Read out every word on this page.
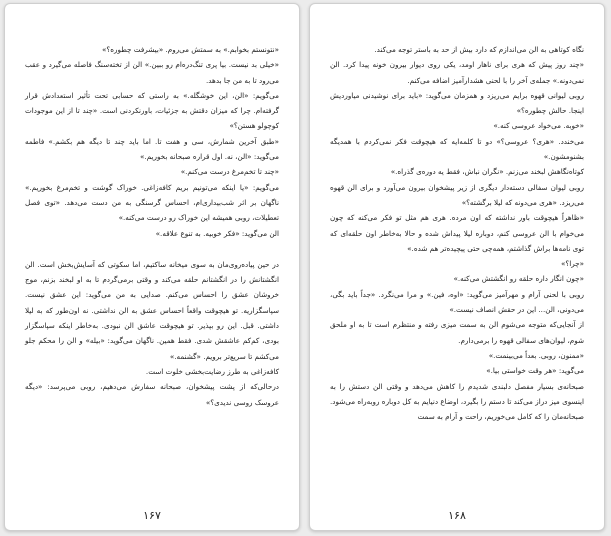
«نتونستم بخوابم.» به سمتش می‌روم. «بیشرفت چطوره؟»

«خیلی بد نیست. بیا پری تنگ‌دره‌ام رو ببین.» الن از تخته‌سنگ فاصله می‌گیرد و عقب می‌رود تا به من جا بدهد.

می‌گویم: «الن، این خوشگله.» به راستی که حسابی تحت تأثیر استعدادش قرار گرفته‌ام. چرا که میزان دقتش به جزئیات، باورنکردنی است. «چند تا از این موجودات کوچولو هستن؟»

«طبق آخرین شمارش، سی و هفت تا. اما باید چند تا دیگه هم بکشم.» فاطمه می‌گوید: «الن، نه. اول قراره صبحانه بخوریم.»

«چند تا تخم‌مرغ درست می‌کنم.»

می‌گویم: «یا اینکه می‌تونیم بریم کافه‌زاغی. خوراک گوشت و تخم‌مرغ بخوریم.» ناگهان بر اثر شب‌بیداری‌ام، احساس گرسنگی به من دست می‌دهد. «توی فصل تعطیلات، روبی همیشه این خوراک رو درست می‌کنه.»

الن می‌گوید: «فکر خوبیه. به تنوع علاقه.»

در حین پیاده‌روی‌مان به سوی میخانه ساکتیم، اما سکوتی که آسایش‌بخش است. الن انگشتانش را در انگشتانم حلقه می‌کند و وقتی برمی‌گردم تا به او لبخند بزنم، موج خروشان عشق را احساس می‌کنم. صدایی به من می‌گوید: این عشق نیست. سپاسگزاریه. تو هیچوقت واقعاً احساس عشق به الن نداشتی. نه اون‌طور که به لیلا داشتی. قبل. این رو بپذیر. تو هیچوقت عاشق الن نبودی. به‌خاطر اینکه سپاسگزار بودی، کم‌کم عاشقش شدی. فقط همین. ناگهان می‌گوید: «بیله» و الن را محکم جلو می‌کشم تا سریع‌تر برویم. «گشنمه.»

کافه‌زاغی به طرز رضایت‌بخشی خلوت است.

درحالی‌که از پشت پیشخوان، صبحانه سفارش می‌دهیم، روبی می‌پرسد: «دیگه عروسک روسی ندیدی؟»

۱۶۷

نگاه کوتاهی به الن می‌اندازم که دارد بیش از حد به باستر توجه می‌کند.

«چند روز پیش که هری برای ناهار اومد، یکی روی دیوار بیرون خونه پیدا کرد. الن نمی‌دونه.» جمله‌ی آخر را با لحنی هشدارآمیز اضافه می‌کنم.

روبی لیوانی قهوه برایم می‌ریزد و همزمان می‌گوید: «باید برای نوشیدنی میاوردیش اینجا. حالش چطوره؟»

«خوبه. می‌خواد عروسی کنه.»

می‌خندد. «هری؟ عروسی؟» دو تا کلمه‌ایه که هیچوقت فکر نمی‌کردم با همدیگه بشنومشون.»

کوتاه‌نگاهش لبخند می‌زنم. «نگران نباش، فقط یه دوره‌ی گذراه.»

روبی لیوان سفالی دسته‌دار دیگری از زیر پیشخوان بیرون می‌آورد و برای الن قهوه می‌ریزد. «هری می‌دونه که لیلا برگشته؟»

«ظاهراً هیچوقت باور نداشته که اون مرده. هری هم مثل تو فکر می‌کنه که چون می‌خوام با الن عروسی کنم، دوباره لیلا پیداش شده و حالا به‌خاطر اون حلقه‌ای که توی نامه‌ها براش گذاشتم، همه‌چی حتی پیچیده‌تر هم شده.»

«چرا؟»

«چون انگار داره حلقه رو انگشتش می‌کنه.»

روبی با لحنی آرام و مهرآمیز می‌گوید: «اوه، فین.» و مرا می‌نگرد. «جداً باید بگی، می‌دونی، الن... این در حقش انصاف نیست.»

از آنجایی‌که متوجه می‌شوم الن به سمت میزی رفته و منتظرم است تا به او ملحق شوم، لیوان‌های سفالی قهوه را برمی‌دارم.

«ممنون، روبی. بعداً می‌بینمت.»

می‌گوید: «هر وقت خواستی بیا.»

صبحانه‌ی بسیار مفصل دلبندی شدیدم را کاهش می‌دهد و وقتی الن دستش را به اینسوی میز دراز می‌کند تا دستم را بگیرد، اوضاع دنیایم به کل دوباره روبه‌راه می‌شود. صبحانه‌مان را که کامل می‌خوریم، راحت و آرام به سمت

۱۶۸
